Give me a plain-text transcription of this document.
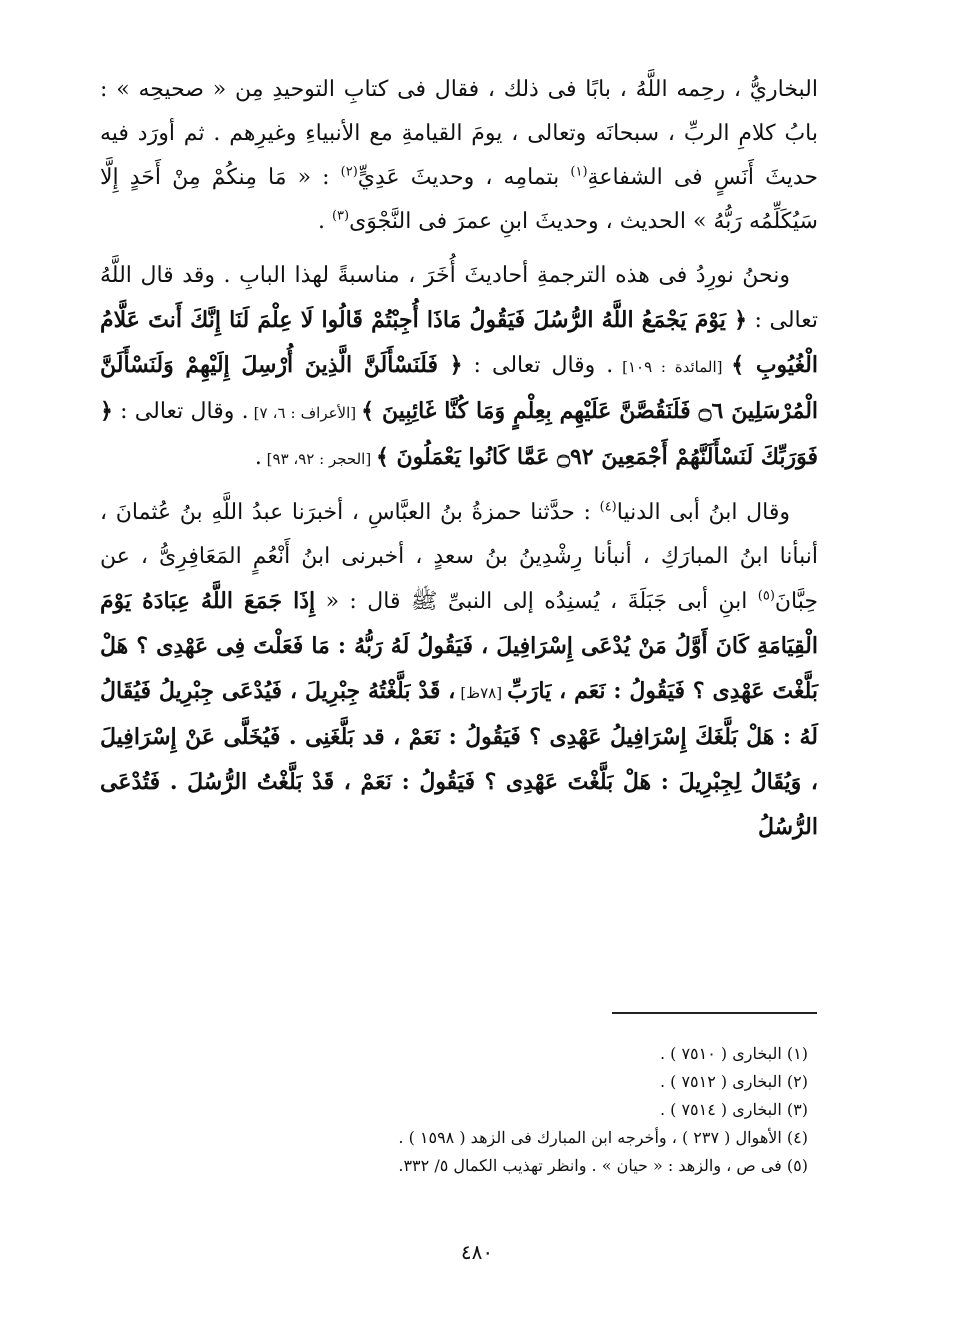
البخاريُّ ، رحِمه اللَّهُ ، بابًا فى ذلك ، فقال فى كتابِ التوحيدِ مِن « صحيحِه » : بابُ كلامِ الربِّ ، سبحانَه وتعالى ، يومَ القيامةِ مع الأنبياءِ وغيرِهم . ثم أورَد فيه حديثَ أَنَسٍ فى الشفاعةِ$^{(١)}$ بتمامِه ، وحديثَ عَدِيٍّ$^{(٢)}$ : « مَا مِنكُمْ مِنْ أَحَدٍ إِلَّا سَيُكَلِّمُه رَبُّهُ » الحديث ، وحديثَ ابنِ عمرَ فى النَّجْوَى$^{(٣)}$ .

ونحنُ نورِدُ فى هذه الترجمةِ أحاديثَ أُخَرَ ، مناسبةً لهذا البابِ . وقد قال اللَّهُ تعالى : ﴿ يَوْمَ يَجْمَعُ اللَّهُ الرُّسُلَ فَيَقُولُ مَاذَا أُجِبْتُمْ قَالُوا لَا عِلْمَ لَنَا إِنَّكَ أَنتَ عَلَّامُ الْغُيُوبِ ﴾ [المائدة : ١٠٩] . وقال تعالى : ﴿ فَلَنَسْأَلَنَّ الَّذِينَ أُرْسِلَ إِلَيْهِمْ وَلَنَسْأَلَنَّ الْمُرْسَلِينَ ۝٦ فَلَنَقُصَّنَّ عَلَيْهِم بِعِلْمٍ وَمَا كُنَّا غَائِبِينَ ﴾ [الأعراف : ٦، ٧] . وقال تعالى : ﴿ فَوَرَبِّكَ لَنَسْأَلَنَّهُمْ أَجْمَعِينَ ۝٩٢ عَمَّا كَانُوا يَعْمَلُونَ ﴾ [الحجر : ٩٢، ٩٣] .

وقال ابنُ أبى الدنيا$^{(٤)}$ : حدَّثنا حمزةُ بنُ العبَّاسِ ، أخبرَنا عبدُ اللَّهِ بنُ عُثمانَ ، أنبأنا ابنُ المبارَكِ ، أنبأنا رِشْدِينُ بنُ سعدٍ ، أخبرنى ابنُ أَنْعُمٍ المَعَافِرِىُّ ، عن حِبَّانَ$^{(٥)}$ ابنِ أبى جَبَلَةَ ، يُسنِدُه إلى النبىِّ ﷺ قال : « إِذَا جَمَعَ اللَّهُ عِبَادَهُ يَوْمَ الْقِيَامَةِ كَانَ أَوَّلُ مَنْ يُدْعَى إِسْرَافِيلَ ، فَيَقُولُ لَهُ رَبُّهُ : مَا فَعَلْتَ فِى عَهْدِى ؟ هَلْ بَلَّغْتَ عَهْدِى ؟ فَيَقُولُ : نَعَم ، يَارَبِّ [٧٨ظ] ، قَدْ بَلَّغْتُهُ جِبْرِيلَ ، فَيُدْعَى جِبْرِيلُ فَيُقَالُ لَهُ : هَلْ بَلَّغَكَ إِسْرَافِيلُ عَهْدِى ؟ فَيَقُولُ : نَعَمْ ، قد بَلَّغَنِى . فَيُخَلَّى عَنْ إِسْرَافِيلَ ، وَيُقَالُ لِجِبْرِيلَ : هَلْ بَلَّغْتَ عَهْدِى ؟ فَيَقُولُ : نَعَمْ ، قَدْ بَلَّغْتُ الرُّسُلَ . فَتُدْعَى الرُّسُلُ

(١) البخارى ( ٧٥١٠ ) .

(٢) البخارى ( ٧٥١٢ ) .

(٣) البخارى ( ٧٥١٤ ) .

(٤) الأهوال ( ٢٣٧ ) ، وأخرجه ابن المبارك فى الزهد ( ١٥٩٨ ) .

(٥) فى ص ، والزهد : « حيان » . وانظر تهذيب الكمال ٥/ ٣٣٢.

٤٨٠
